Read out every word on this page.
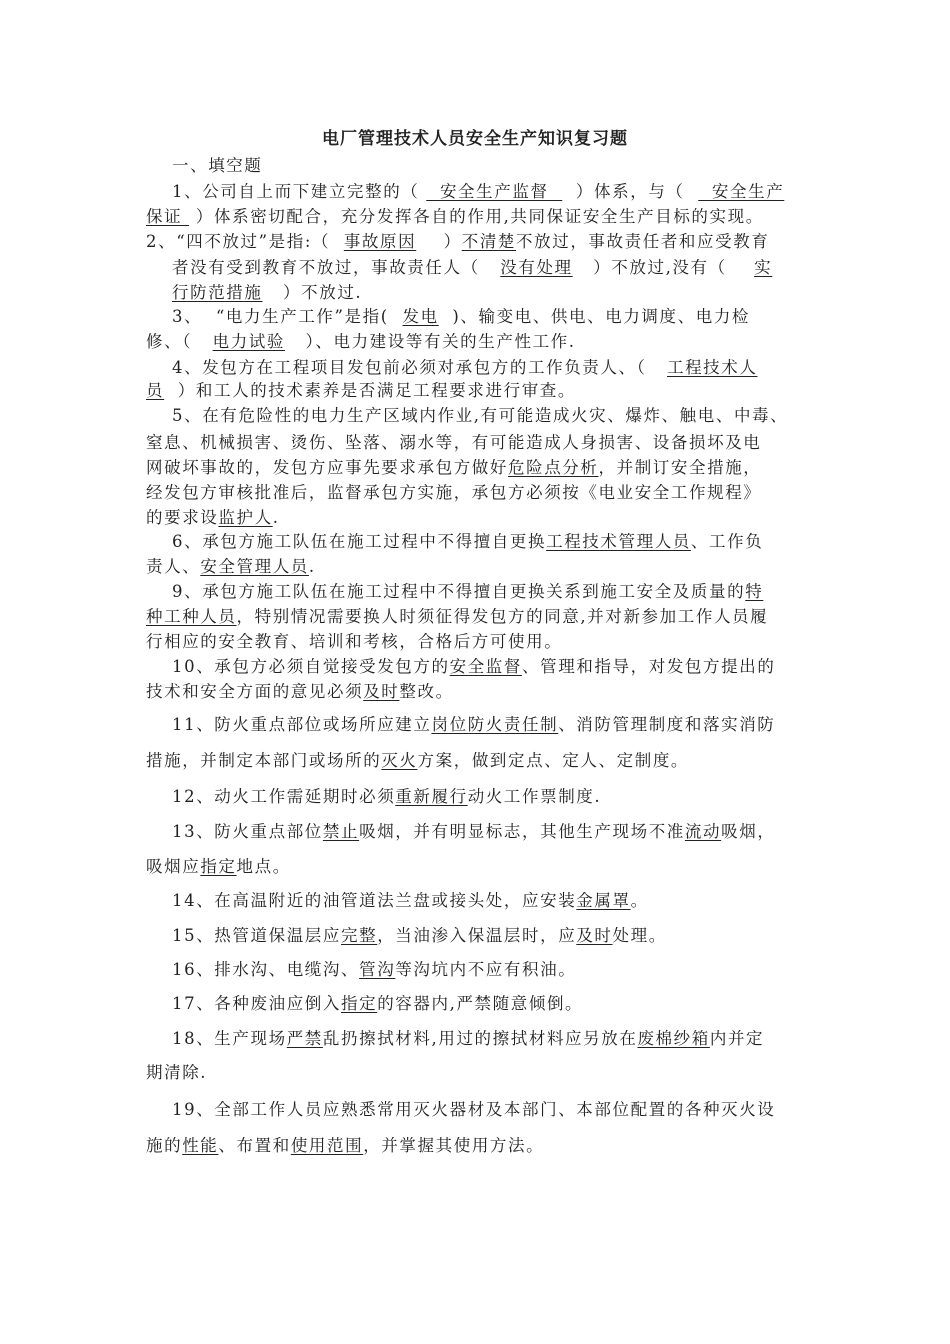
电厂管理技术人员安全生产知识复习题
一、填空题
1、公司自上而下建立完整的（   安全生产监督    ）体系，与（    安全生产
保证  ）体系密切配合，充分发挥各自的作用,共同保证安全生产目标的实现。
2、“四不放过”是指:（  事故原因    ）不清楚不放过，事故责任者和应受教育
者没有受到教育不放过，事故责任人（   没有处理   ）不放过,没有（    实
行防范措施   ）不放过.
3、  “电力生产工作”是指(  发电  )、输变电、供电、电力调度、电力检
修、（   电力试验   ）、电力建设等有关的生产性工作.
4、发包方在工程项目发包前必须对承包方的工作负责人、（   工程技术人
员  ）和工人的技术素养是否满足工程要求进行审查。
5、在有危险性的电力生产区域内作业,有可能造成火灾、爆炸、触电、中毒、
窒息、机械损害、烫伤、坠落、溺水等，有可能造成人身损害、设备损坏及电
网破坏事故的，发包方应事先要求承包方做好危险点分析，并制订安全措施，
经发包方审核批准后，监督承包方实施，承包方必须按《电业安全工作规程》
的要求设监护人.
6、承包方施工队伍在施工过程中不得擅自更换工程技术管理人员、工作负
责人、安全管理人员.
9、承包方施工队伍在施工过程中不得擅自更换关系到施工安全及质量的特
种工种人员，特别情况需要换人时须征得发包方的同意,并对新参加工作人员履
行相应的安全教育、培训和考核，合格后方可使用。
10、承包方必须自觉接受发包方的安全监督、管理和指导，对发包方提出的
技术和安全方面的意见必须及时整改。
11、防火重点部位或场所应建立岗位防火责任制、消防管理制度和落实消防
措施，并制定本部门或场所的灭火方案，做到定点、定人、定制度。
12、动火工作需延期时必须重新履行动火工作票制度.
13、防火重点部位禁止吸烟，并有明显标志，其他生产现场不准流动吸烟，
吸烟应指定地点。
14、在高温附近的油管道法兰盘或接头处，应安装金属罩。
15、热管道保温层应完整，当油渗入保温层时，应及时处理。
16、排水沟、电缆沟、管沟等沟坑内不应有积油。
17、各种废油应倒入指定的容器内,严禁随意倾倒。
18、生产现场严禁乱扔擦拭材料,用过的擦拭材料应另放在废棉纱箱内并定
期清除.
19、全部工作人员应熟悉常用灭火器材及本部门、本部位配置的各种灭火设
施的性能、布置和使用范围，并掌握其使用方法。
